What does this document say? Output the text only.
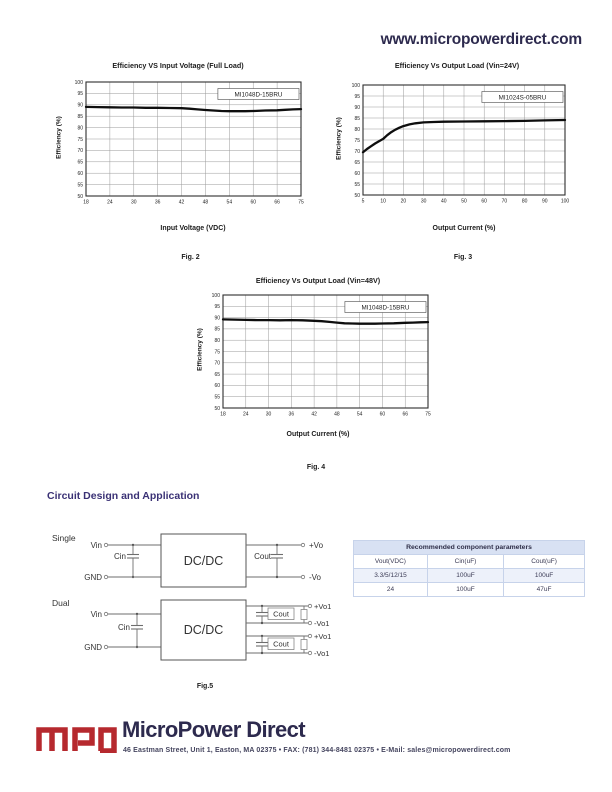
www.micropowerdirect.com
Efficiency VS Input Voltage (Full Load)
Efficiency (%)
50
55
60
65
70
75
80
85
90
95
100
18	24	30	36	42	48	54	60	66	75
MI1048D-15BRU
Input Voltage (VDC)
Fig. 2
Efficiency Vs Output Load (Vin=24V)
Efficiency (%)
50
55
60
65
70
75
80
85
90
95
100
5	10	20	30	40	50	60	70	80	90	100
MI1024S-05BRU
Output Current (%)
Fig. 3
Efficiency Vs Output Load (Vin=48V)
Efficiency (%)
50
55
60
65
70
75
80
85
90
95
100
18	24	30	36	42	48	54	60	66	75
MI1048D-15BRU
Output Current (%)
Fig. 4
Circuit Design and Application
Single
Vin
Cin
GND
DC/DC	Cout
+Vo
-Vo
Dual
Vin
Cin
GND
DC/DC
Cout
+Vo1
-Vo1
Cout
+Vo1
-Vo1
Fig.5
Recommended component parameters		
Vout(VDC)	Cin(uF)	Cout(uF)
3.3/5/12/15	100uF	100uF
24	100uF	47uF
MicroPower Direct
46 Eastman Street, Unit 1, Easton, MA 02375 • FAX: (781) 344-8481 02375 • E-Mail: sales@micropowerdirect.com
